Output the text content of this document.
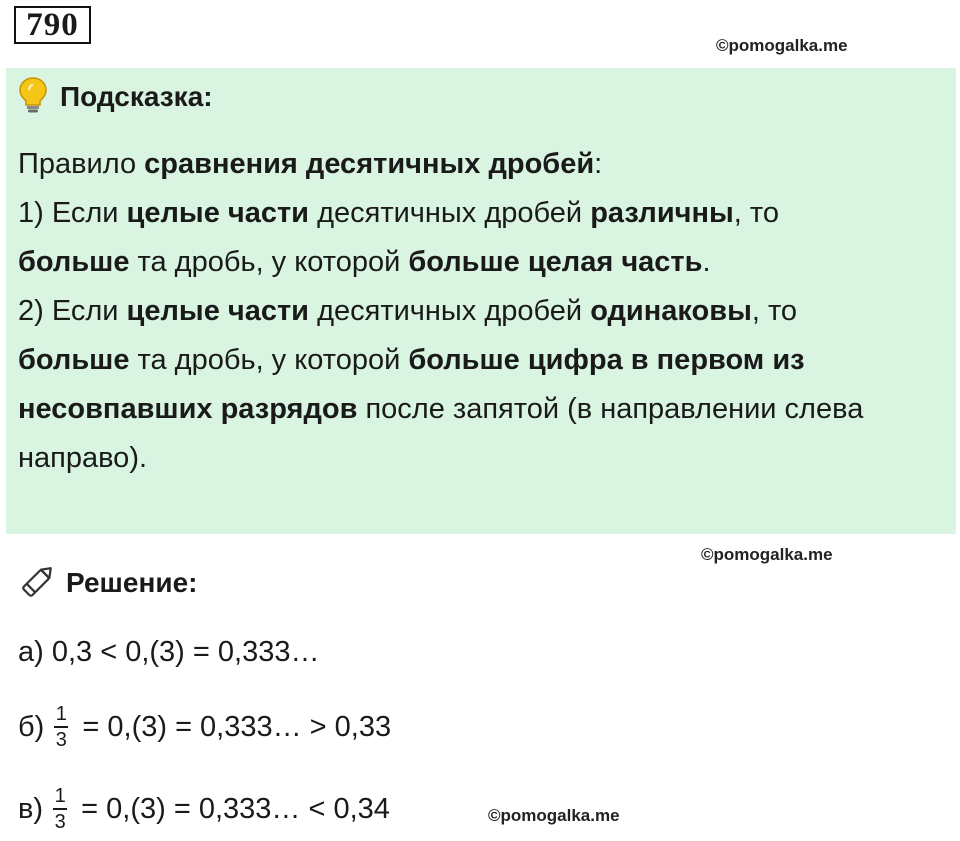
790
©pomogalka.me
Подсказка:

Правило сравнения десятичных дробей:

1) Если целые части десятичных дробей различны, то

больше та дробь, у которой больше целая часть.

2) Если целые части десятичных дробей одинаковы, то

больше та дробь, у которой больше цифра в первом из

несовпавших разрядов после запятой (в направлении слева

направо).

©pomogalka.me
Решение:
а) 0,3 < 0,(3) = 0,333…
$б) \frac{1}{3} = 0,(3)$ = 0,333… > 0,33
$в) \frac{1}{3} = 0,(3)$ = 0,333… < 0,34	©pomogalka.me
